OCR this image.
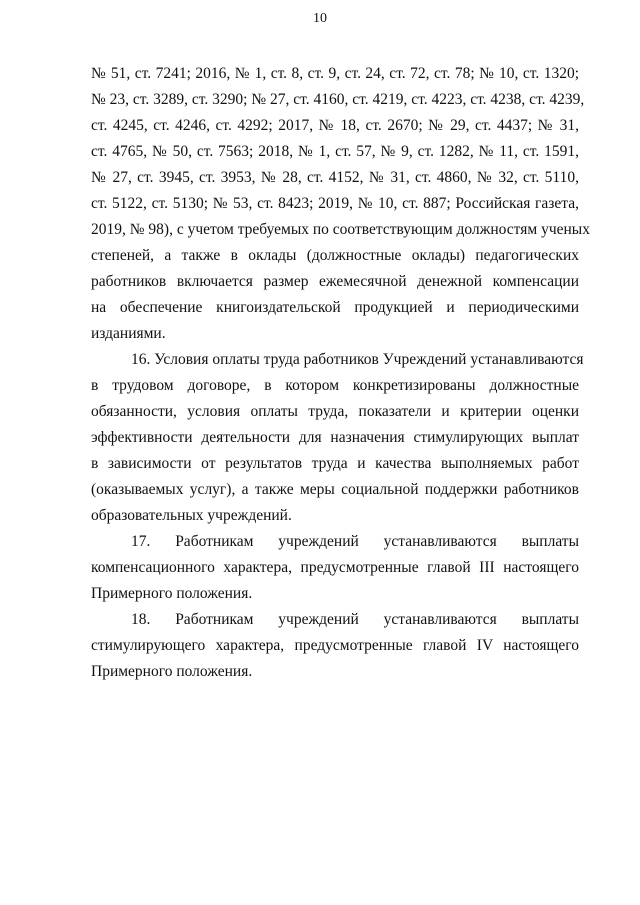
10
№ 51, ст. 7241; 2016, № 1, ст. 8, ст. 9, ст. 24, ст. 72, ст. 78; № 10, ст. 1320;
№ 23, ст. 3289, ст. 3290; № 27, ст. 4160, ст. 4219, ст. 4223, ст. 4238, ст. 4239,
ст. 4245, ст. 4246, ст. 4292; 2017, № 18, ст. 2670; № 29, ст. 4437; № 31,
ст. 4765, № 50, ст. 7563; 2018, № 1, ст. 57, № 9, ст. 1282, № 11, ст. 1591,
№ 27, ст. 3945, ст. 3953, № 28, ст. 4152, № 31, ст. 4860, № 32, ст. 5110,
ст. 5122, ст. 5130; № 53, ст. 8423; 2019, № 10, ст. 887; Российская газета,
2019, № 98), с учетом требуемых по соответствующим должностям ученых
степеней, а также в оклады (должностные оклады) педагогических
работников включается размер ежемесячной денежной компенсации
на обеспечение книгоиздательской продукцией и периодическими
изданиями.
16. Условия оплаты труда работников Учреждений устанавливаются
в трудовом договоре, в котором конкретизированы должностные
обязанности, условия оплаты труда, показатели и критерии оценки
эффективности деятельности для назначения стимулирующих выплат
в зависимости от результатов труда и качества выполняемых работ
(оказываемых услуг), а также меры социальной поддержки работников
образовательных учреждений.
17. Работникам учреждений устанавливаются выплаты
компенсационного характера, предусмотренные главой III настоящего
Примерного положения.
18. Работникам учреждений устанавливаются выплаты
стимулирующего характера, предусмотренные главой IV настоящего
Примерного положения.
